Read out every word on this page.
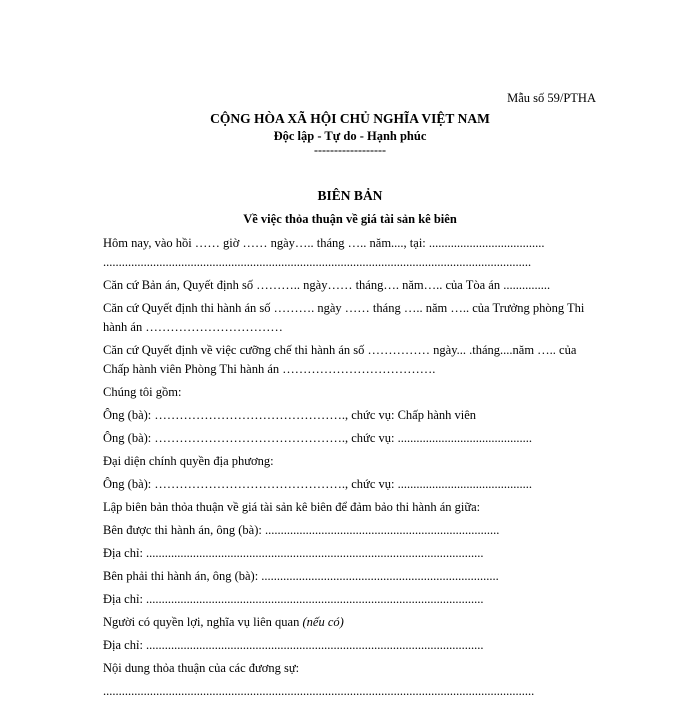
Mẫu số 59/PTHA
CỘNG HÒA XÃ HỘI CHỦ NGHĨA VIỆT NAM
Độc lập - Tự do - Hạnh phúc
------------------
BIÊN BẢN
Về việc thỏa thuận về giá tài sản kê biên
Hôm nay, vào hồi …… giờ …… ngày….. tháng ….. năm...., tại: .....................................
.........................................................................................................................................
Căn cứ Bản án, Quyết định số ……….. ngày…… tháng…. năm….. của Tòa án ...............
Căn cứ Quyết định thi hành án số ………. ngày …… tháng ….. năm ….. của Trưởng phòng Thi hành án ……………………………
Căn cứ Quyết định về việc cưỡng chế thi hành án số …………… ngày... .tháng....năm ….. của Chấp hành viên Phòng Thi hành án ……………………………….
Chúng tôi gồm:
Ông (bà): ………………………………………., chức vụ: Chấp hành viên
Ông (bà): ………………………………………., chức vụ: ...........................................
Đại diện chính quyền địa phương:
Ông (bà): ………………………………………., chức vụ: ...........................................
Lập biên bản thỏa thuận về giá tài sản kê biên để đảm bảo thi hành án giữa:
Bên được thi hành án, ông (bà): ...........................................................................
Địa chỉ: ............................................................................................................
Bên phải thi hành án, ông (bà): ............................................................................
Địa chỉ: ............................................................................................................
Người có quyền lợi, nghĩa vụ liên quan (nếu có)
Địa chỉ: ............................................................................................................
Nội dung thỏa thuận của các đương sự:
..........................................................................................................................................
